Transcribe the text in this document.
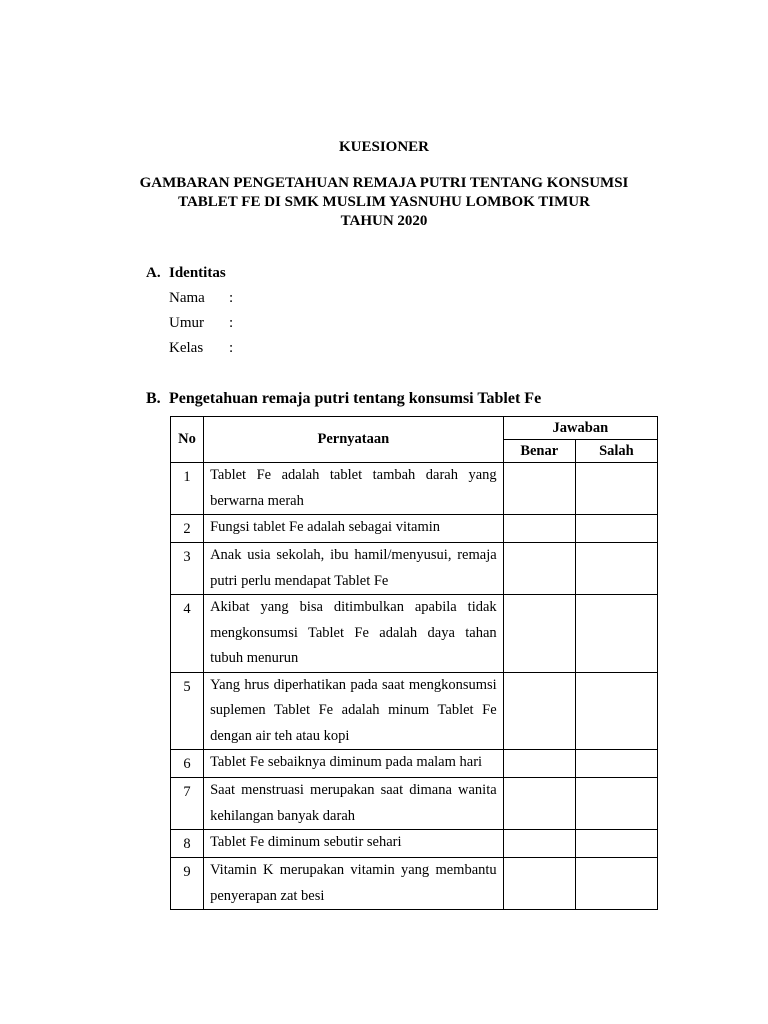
KUESIONER
GAMBARAN PENGETAHUAN REMAJA PUTRI TENTANG KONSUMSI
TABLET FE DI SMK MUSLIM YASNUHU LOMBOK TIMUR
TAHUN 2020
A. Identitas
Nama	:
Umur	:
Kelas	:
B. Pengetahuan remaja putri tentang konsumsi Tablet Fe
No	Pernyataan	Jawaban	
		Benar	Salah
1	Tablet Fe adalah tablet tambah darah yang berwarna merah		
2	Fungsi tablet Fe adalah sebagai vitamin		
3	Anak usia sekolah, ibu hamil/menyusui, remaja putri perlu mendapat Tablet Fe		
4	Akibat yang bisa ditimbulkan apabila tidak mengkonsumsi Tablet Fe adalah daya tahan tubuh menurun		
5	Yang hrus diperhatikan pada saat mengkonsumsi suplemen Tablet Fe adalah minum Tablet Fe dengan air teh atau kopi		
6	Tablet Fe sebaiknya diminum pada malam hari		
7	Saat menstruasi merupakan saat dimana wanita kehilangan banyak darah		
8	Tablet Fe diminum sebutir sehari		
9	Vitamin K merupakan vitamin yang membantu penyerapan zat besi		
